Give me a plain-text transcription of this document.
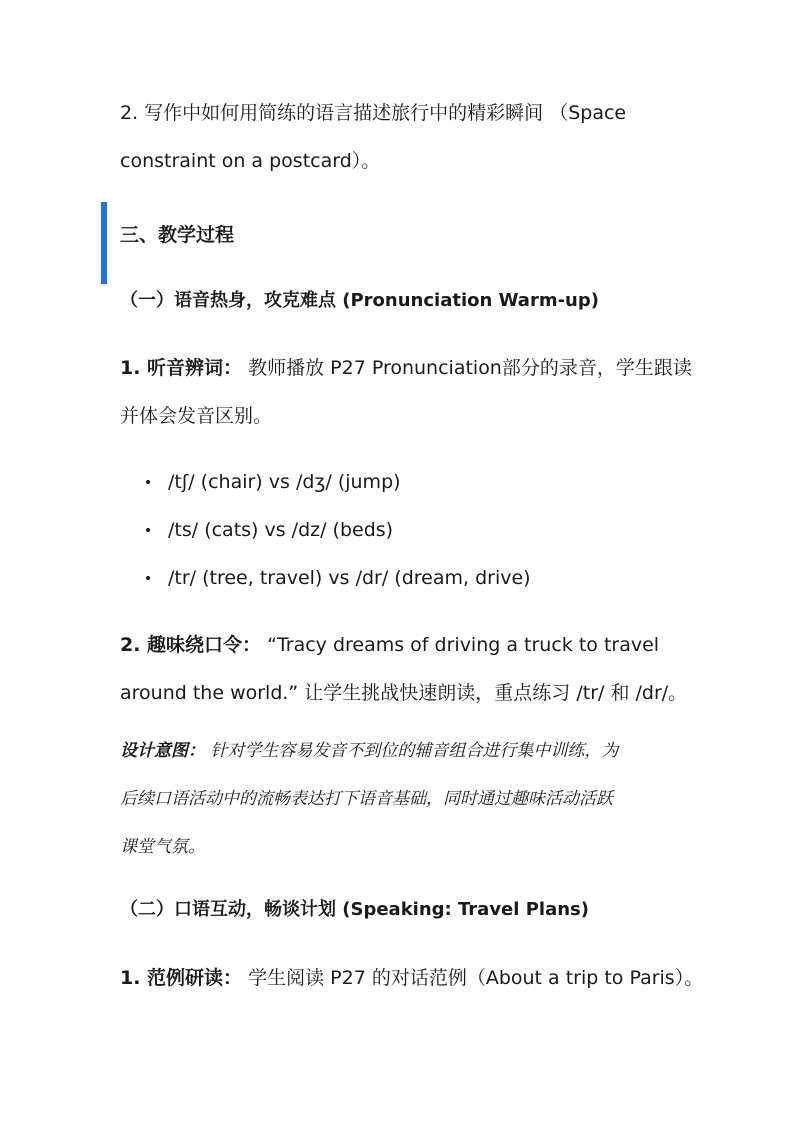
2. 写作中如何用简练的语言描述旅行中的精彩瞬间 （Space
constraint on a postcard）。
三、教学过程
（一）语音热身，攻克难点 (Pronunciation Warm-up)
1. 听音辨词： 教师播放 P27 Pronunciation部分的录音，学生跟读
并体会发音区别。
• /tʃ/ (chair) vs /dʒ/ (jump)
• /ts/ (cats) vs /dz/ (beds)
• /tr/ (tree, travel) vs /dr/ (dream, drive)
2. 趣味绕口令： “Tracy dreams of driving a truck to travel
around the world.” 让学生挑战快速朗读，重点练习 /tr/ 和 /dr/。
设计意图： 针对学生容易发音不到位的辅音组合进行集中训练，为
后续口语活动中的流畅表达打下语音基础，同时通过趣味活动活跃
课堂气氛。
（二）口语互动，畅谈计划 (Speaking: Travel Plans)
1. 范例研读： 学生阅读 P27 的对话范例（About a trip to Paris）。
